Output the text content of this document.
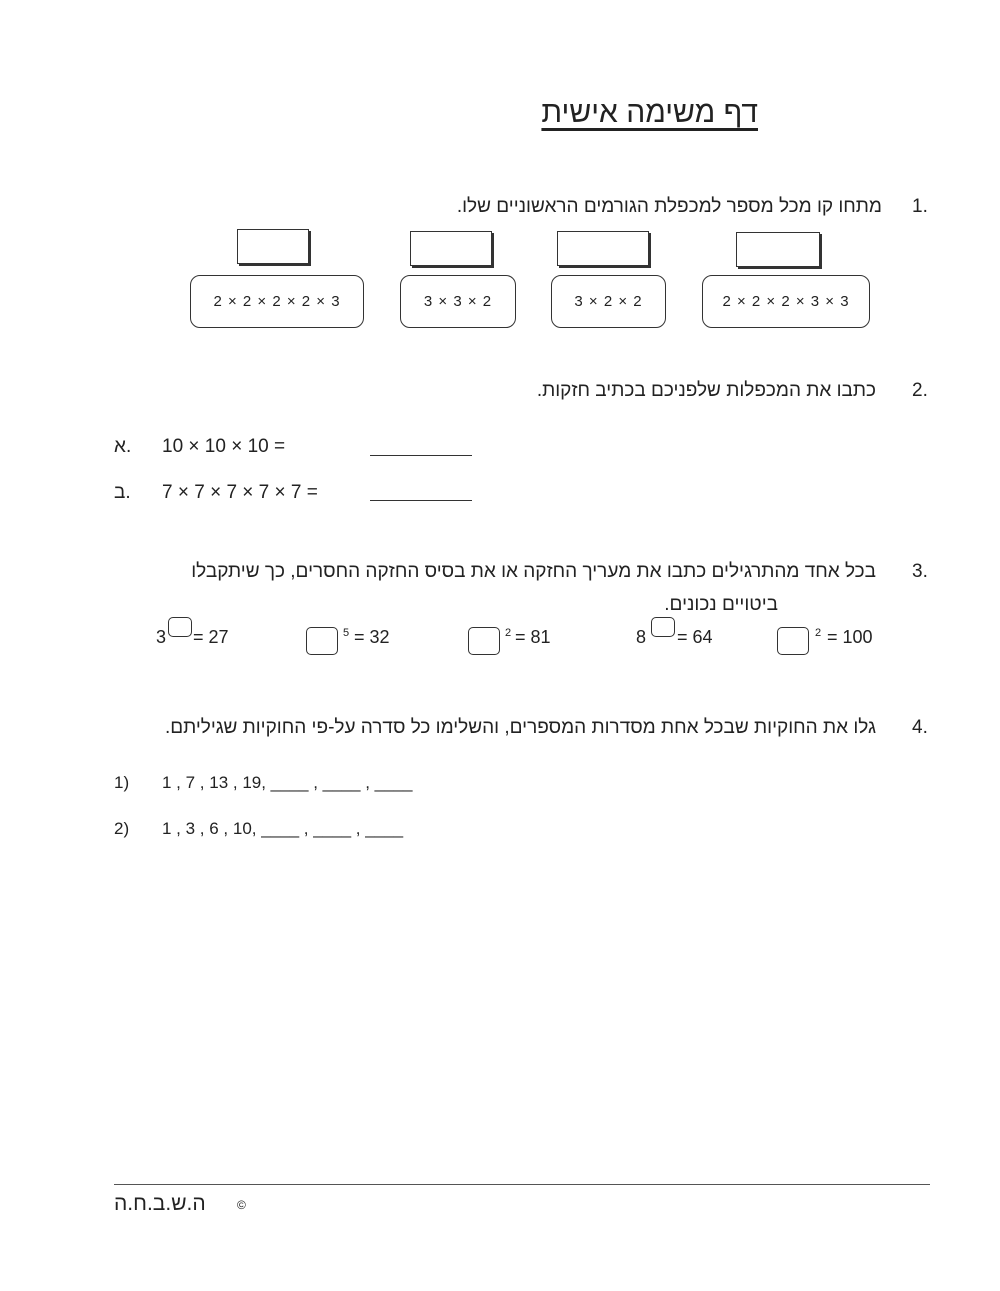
דף משימה אישית
1.
מתחו קו מכל מספר למכפלת הגורמים הראשוניים שלו.
2 × 2 × 2 × 3 × 3
3 × 2 × 2
3 × 3 × 2
2 × 2 × 2 × 2 × 3
2.
כתבו את המכפלות שלפניכם בכתיב חזקות.
א. 10 × 10 × 10 =
ב. 7 × 7 × 7 × 7 × 7 =
3.
בכל אחד מהתרגילים כתבו את מעריך החזקה או את בסיס החזקה החסרים, כך שיתקבלו
ביטויים נכונים.
3 = 27	5 = 32	2 = 81	8 = 64	2 = 100
4.
גלו את החוקיות שבכל אחת מסדרות המספרים, והשלימו כל סדרה על-פי החוקיות שגיליתם.
1) 1 , 7 , 13 , 19, ____ , ____ , ____
2) 1 , 3 , 6 , 10, ____ , ____ , ____
ה.ש.ב.ח.ה	©
